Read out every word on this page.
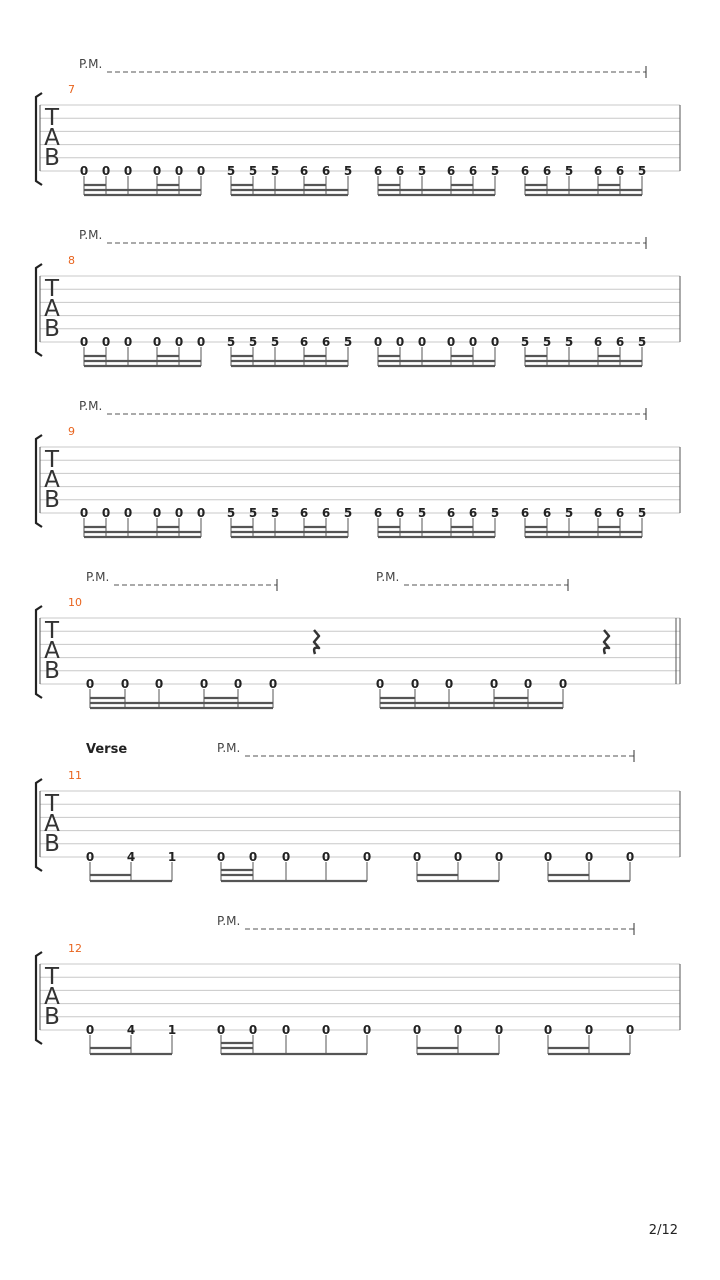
7
T
A
B
P.M.
0 0 0 0 0 0 5 5 5 6 6 5 6 6 5 6 6 5 6 6 5 6 6 5
8
T
A
B
P.M.
0 0 0 0 0 0 5 5 5 6 6 5 0 0 0 0 0 0 5 5 5 6 6 5
9
T
A
B
P.M.
0 0 0 0 0 0 5 5 5 6 6 5 6 6 5 6 6 5 6 6 5 6 6 5
10
T
A
B
P.M.	P.M.
0 0 0	0 0 0	0 0 0	0 0 0
11
T
A
B
Verse	P.M.
0	4	1	0 0 0	0	0	0	0	0	0	0	0
12
T
A
B
P.M.
0	4	1	0 0 0	0	0	0	0	0	0	0	0
2/12
